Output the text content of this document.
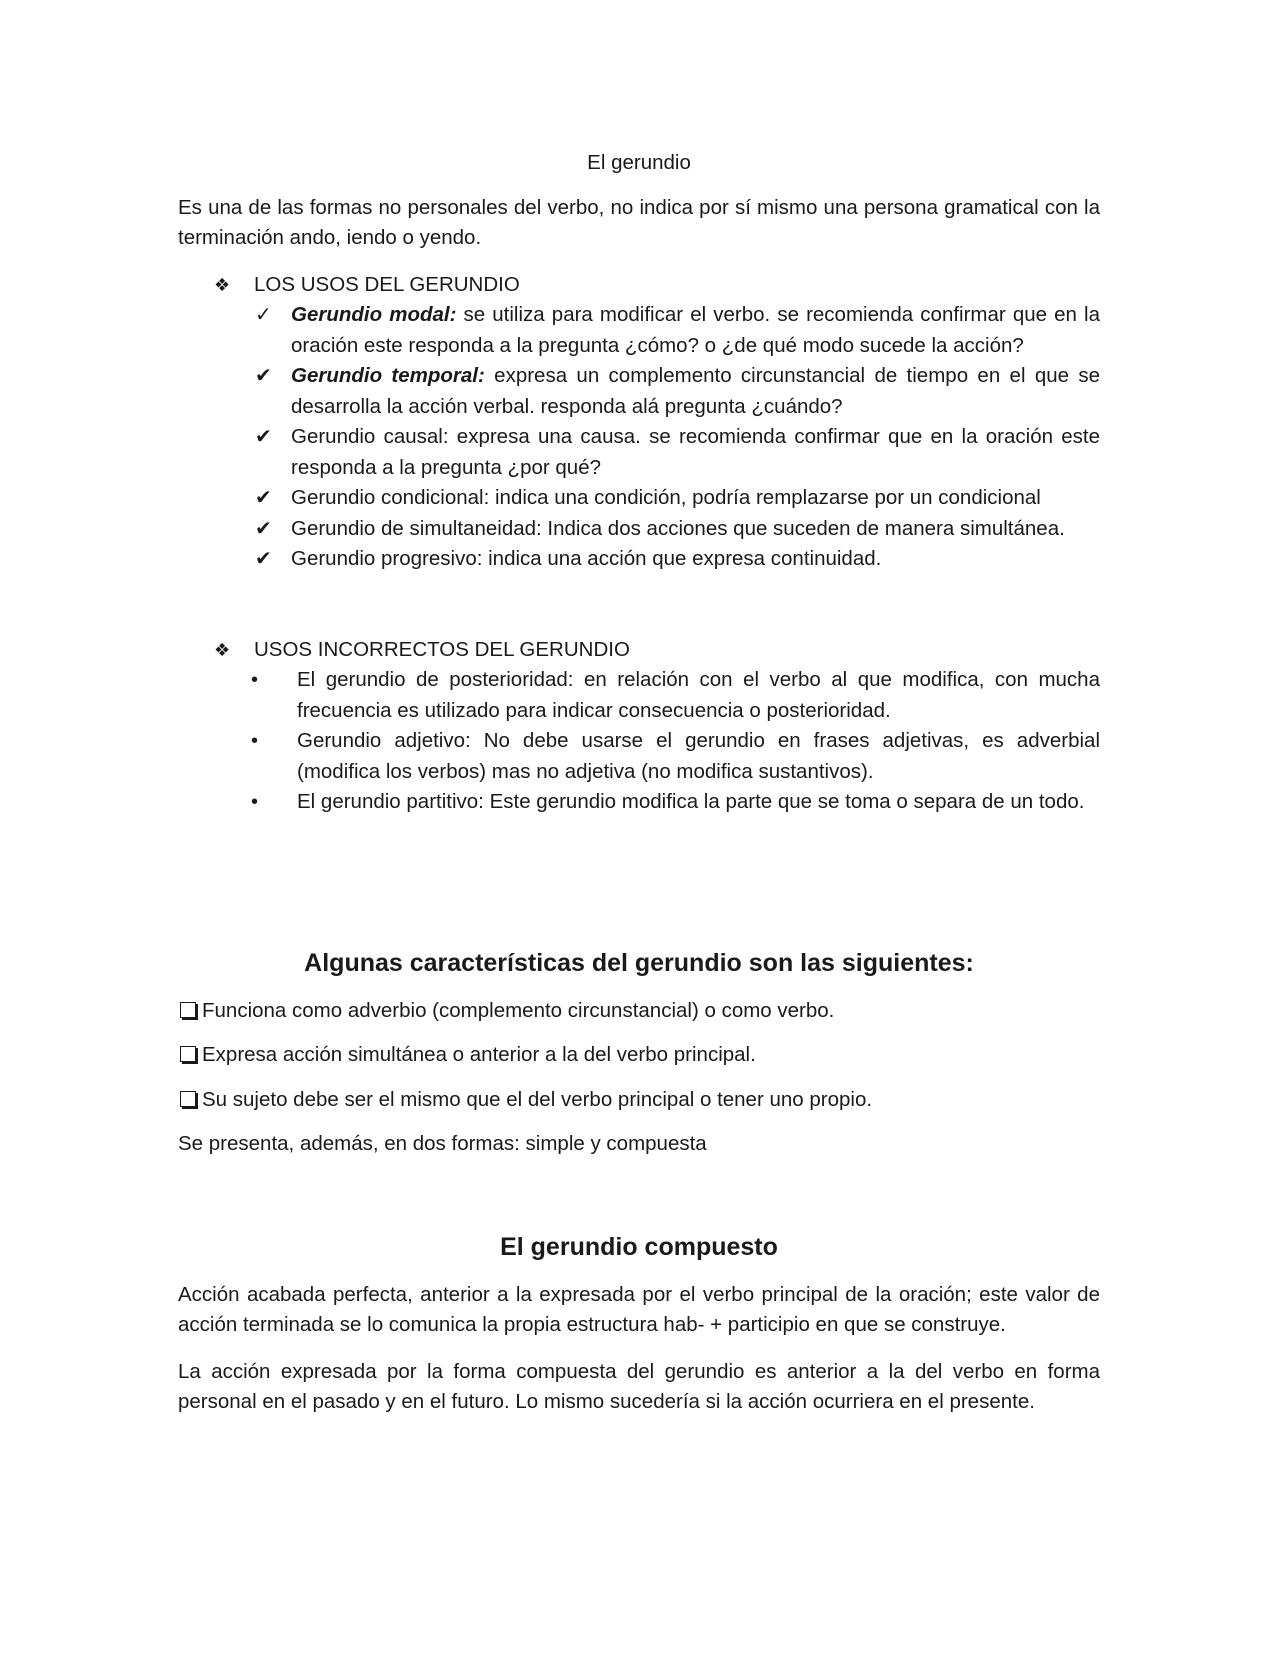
El gerundio

Es una de las formas no personales del verbo, no indica por sí mismo una persona gramatical con la terminación ando, iendo o yendo.

❖ LOS USOS DEL GERUNDIO
✓ Gerundio modal: se utiliza para modificar el verbo. se recomienda confirmar que en la oración este responda a la pregunta ¿cómo? o ¿de qué modo sucede la acción?
✔ Gerundio temporal: expresa un complemento circunstancial de tiempo en el que se desarrolla la acción verbal. responda alá pregunta ¿cuándo?
✔ Gerundio causal: expresa una causa. se recomienda confirmar que en la oración este responda a la pregunta ¿por qué?
✔ Gerundio condicional: indica una condición, podría remplazarse por un condicional
✔ Gerundio de simultaneidad: Indica dos acciones que suceden de manera simultánea.
✔ Gerundio progresivo: indica una acción que expresa continuidad.
❖ USOS INCORRECTOS DEL GERUNDIO
• El gerundio de posterioridad: en relación con el verbo al que modifica, con mucha frecuencia es utilizado para indicar consecuencia o posterioridad.
• Gerundio adjetivo: No debe usarse el gerundio en frases adjetivas, es adverbial (modifica los verbos) mas no adjetiva (no modifica sustantivos).
• El gerundio partitivo: Este gerundio modifica la parte que se toma o separa de un todo.
Algunas características del gerundio son las siguientes:
Funciona como adverbio (complemento circunstancial) o como verbo.
Expresa acción simultánea o anterior a la del verbo principal.
Su sujeto debe ser el mismo que el del verbo principal o tener uno propio.

Se presenta, además, en dos formas: simple y compuesta

El gerundio compuesto

Acción acabada perfecta, anterior a la expresada por el verbo principal de la oración; este valor de acción terminada se lo comunica la propia estructura hab- + participio en que se construye.

La acción expresada por la forma compuesta del gerundio es anterior a la del verbo en forma personal en el pasado y en el futuro. Lo mismo sucedería si la acción ocurriera en el presente.
